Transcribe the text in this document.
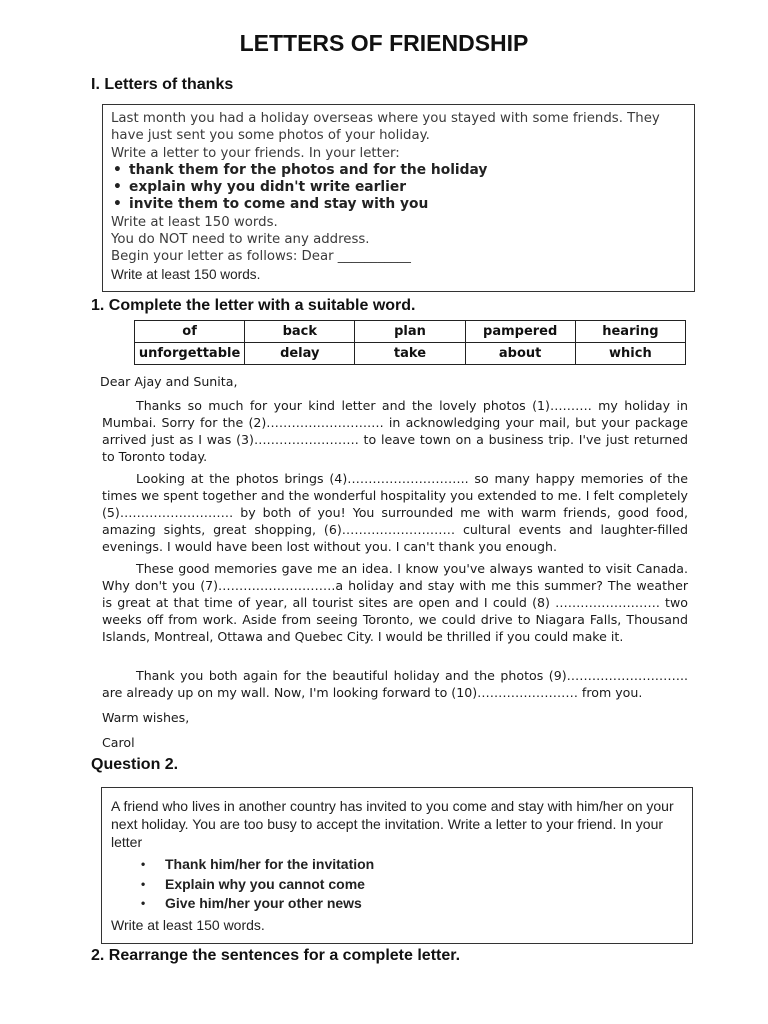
LETTERS OF FRIENDSHIP
I. Letters of thanks
Last month you had a holiday overseas where you stayed with some friends. They have just sent you some photos of your holiday.
Write a letter to your friends. In your letter:
• thank them for the photos and for the holiday
• explain why you didn't write earlier
• invite them to come and stay with you
Write at least 150 words.
You do NOT need to write any address.
Begin your letter as follows: Dear ___________
Write at least 150 words.
1. Complete the letter with a suitable word.
of	back	plan	pampered	hearing
unforgettable	delay	take	about	which
Dear Ajay and Sunita,

Thanks so much for your kind letter and the lovely photos (1)………. my holiday in Mumbai. Sorry for the (2)………………………. in acknowledging your mail, but your package arrived just as I was (3)……………………. to leave town on a business trip. I've just returned to Toronto today.

Looking at the photos brings (4)……………………….. so many happy memories of the times we spent together and the wonderful hospitality you extended to me. I felt completely (5)……………………… by both of you! You surrounded me with warm friends, good food, amazing sights, great shopping, (6)……………………… cultural events and laughter-filled evenings. I would have been lost without you. I can't thank you enough.

These good memories gave me an idea. I know you've always wanted to visit Canada. Why don't you (7)……………………….a holiday and stay with me this summer? The weather is great at that time of year, all tourist sites are open and I could (8) ……………………. two weeks off from work. Aside from seeing Toronto, we could drive to Niagara Falls, Thousand Islands, Montreal, Ottawa and Quebec City. I would be thrilled if you could make it.

Thank you both again for the beautiful holiday and the photos (9)……………………….. are already up on my wall. Now, I'm looking forward to (10)…………………… from you.

Warm wishes,
Carol
Question 2.
A friend who lives in another country has invited to you come and stay with him/her on your next holiday. You are too busy to accept the invitation. Write a letter to your friend. In your letter
• Thank him/her for the invitation
• Explain why you cannot come
• Give him/her your other news
Write at least 150 words.
2. Rearrange the sentences for a complete letter.
